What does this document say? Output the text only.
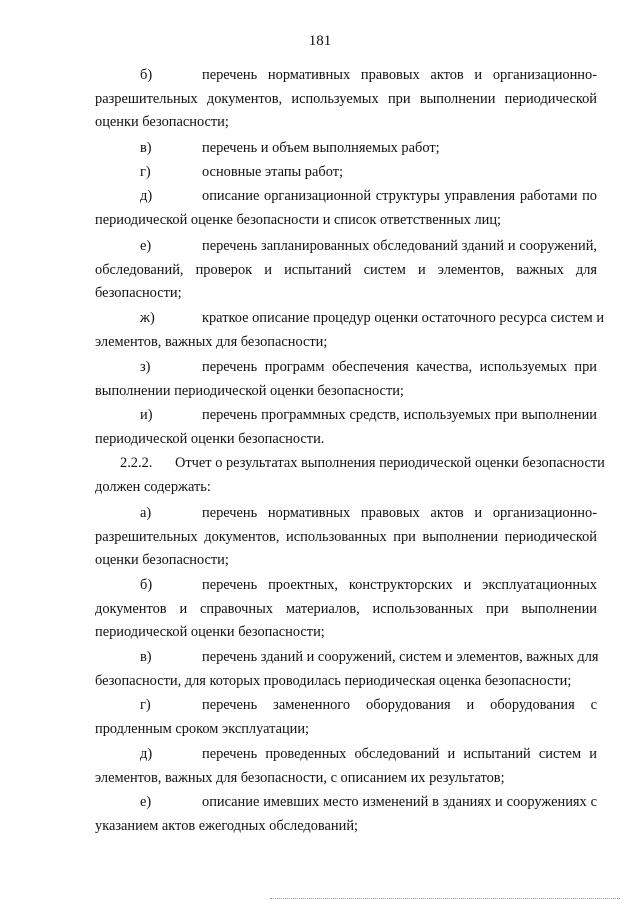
181
б)	перечень нормативных правовых актов и организационно-
разрешительных документов, используемых при выполнении периодической
оценки безопасности;
в)	перечень и объем выполняемых работ;
г)	основные этапы работ;
д)	описание организационной структуры управления работами по
периодической оценке безопасности и список ответственных лиц;
е)	перечень запланированных обследований зданий и сооружений,
обследований, проверок и испытаний систем и элементов, важных для
безопасности;
ж)	краткое описание процедур оценки остаточного ресурса систем и
элементов, важных для безопасности;
з)	перечень программ обеспечения качества, используемых при
выполнении периодической оценки безопасности;
и)	перечень программных средств, используемых при выполнении
периодической оценки безопасности.
2.2.2.	Отчет о результатах выполнения периодической оценки безопасности
должен содержать:
а)	перечень нормативных правовых актов и организационно-
разрешительных документов, использованных при выполнении периодической
оценки безопасности;
б)	перечень проектных, конструкторских и эксплуатационных
документов и справочных материалов, использованных при выполнении
периодической оценки безопасности;
в)	перечень зданий и сооружений, систем и элементов, важных для
безопасности, для которых проводилась периодическая оценка безопасности;
г)	перечень замененного оборудования и оборудования с
продленным сроком эксплуатации;
д)	перечень проведенных обследований и испытаний систем и
элементов, важных для безопасности, с описанием их результатов;
е)	описание имевших место изменений в зданиях и сооружениях с
указанием актов ежегодных обследований;
